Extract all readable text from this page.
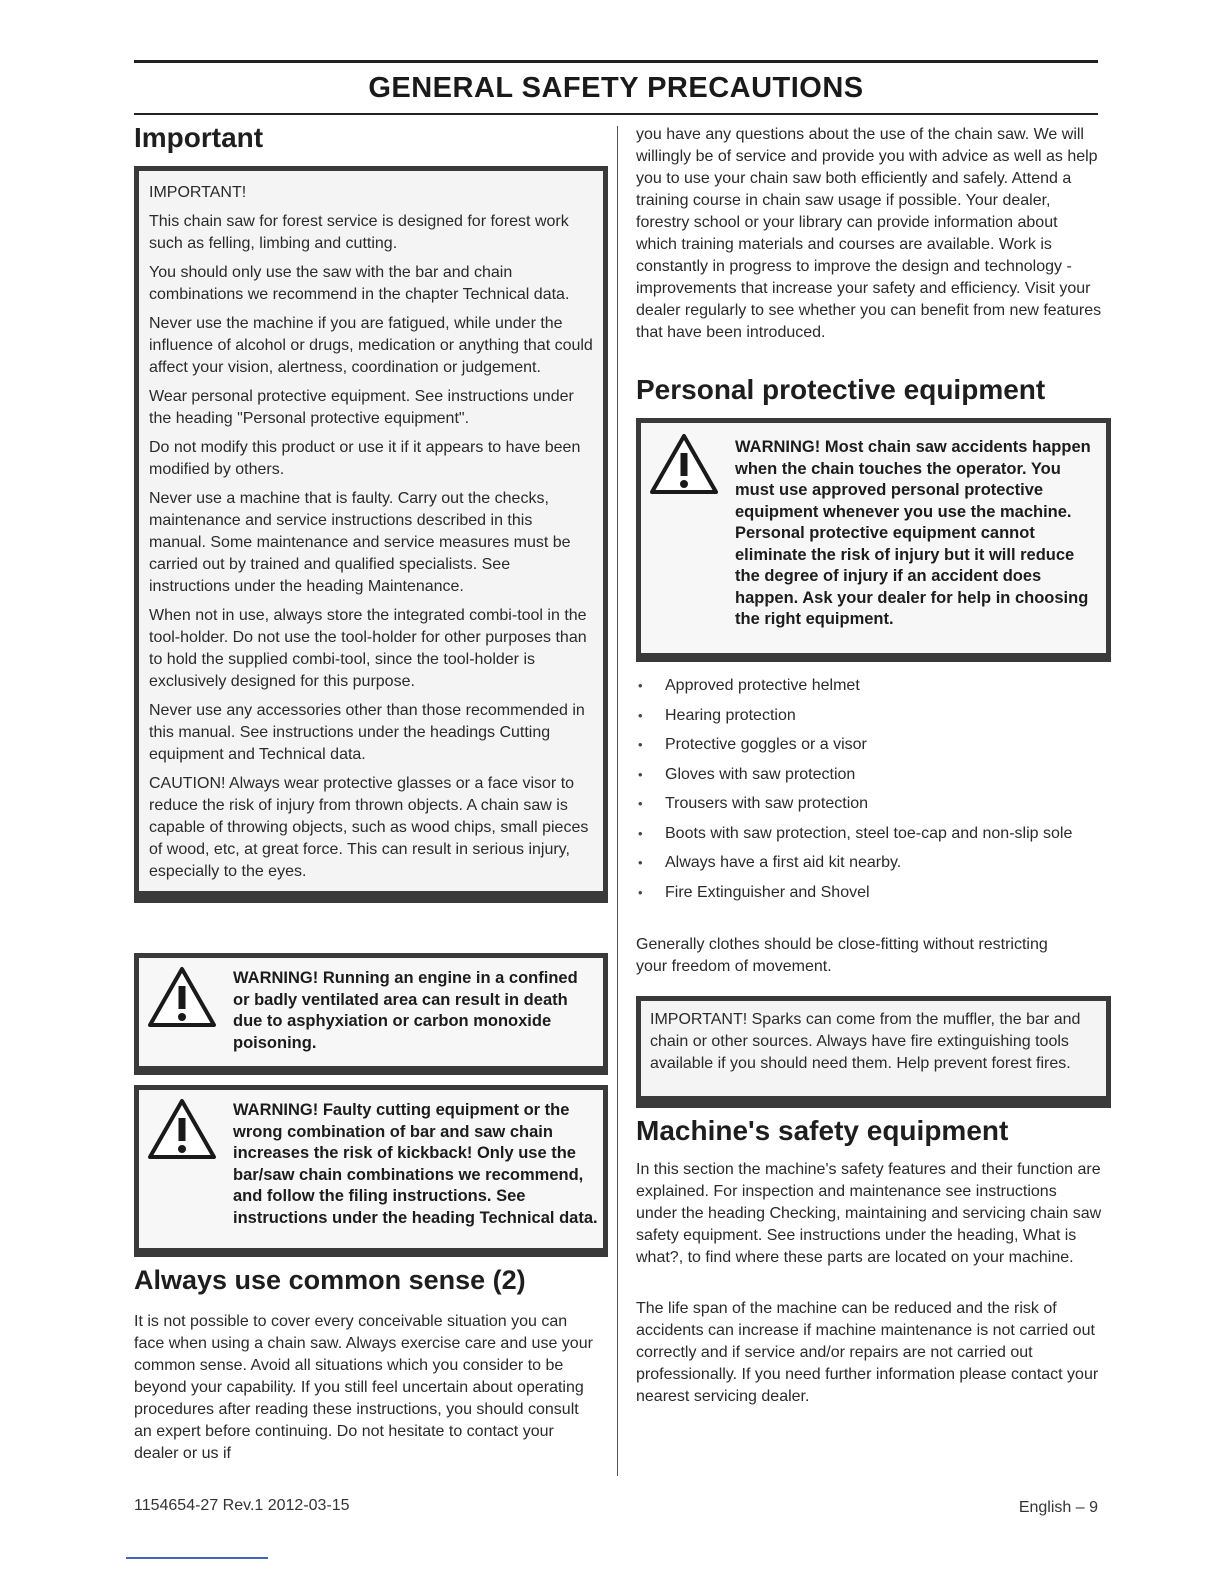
GENERAL SAFETY PRECAUTIONS
Important

IMPORTANT!

This chain saw for forest service is designed for forest work such as felling, limbing and cutting.

You should only use the saw with the bar and chain combinations we recommend in the chapter Technical data.

Never use the machine if you are fatigued, while under the influence of alcohol or drugs, medication or anything that could affect your vision, alertness, coordination or judgement.

Wear personal protective equipment. See instructions under the heading "Personal protective equipment".

Do not modify this product or use it if it appears to have been modified by others.

Never use a machine that is faulty. Carry out the checks, maintenance and service instructions described in this manual. Some maintenance and service measures must be carried out by trained and qualified specialists. See instructions under the heading Maintenance.

When not in use, always store the integrated combi-tool in the tool-holder. Do not use the tool-holder for other purposes than to hold the supplied combi-tool, since the tool-holder is exclusively designed for this purpose.

Never use any accessories other than those recommended in this manual. See instructions under the headings Cutting equipment and Technical data.

CAUTION! Always wear protective glasses or a face visor to reduce the risk of injury from thrown objects. A chain saw is capable of throwing objects, such as wood chips, small pieces of wood, etc, at great force. This can result in serious injury, especially to the eyes.

WARNING! Running an engine in a confined or badly ventilated area can result in death due to asphyxiation or carbon monoxide poisoning.
WARNING! Faulty cutting equipment or the wrong combination of bar and saw chain increases the risk of kickback! Only use the bar/saw chain combinations we recommend, and follow the filing instructions. See instructions under the heading Technical data.
Always use common sense (2)

It is not possible to cover every conceivable situation you can face when using a chain saw. Always exercise care and use your common sense. Avoid all situations which you consider to be beyond your capability. If you still feel uncertain about operating procedures after reading these instructions, you should consult an expert before continuing. Do not hesitate to contact your dealer or us if

you have any questions about the use of the chain saw. We will willingly be of service and provide you with advice as well as help you to use your chain saw both efficiently and safely. Attend a training course in chain saw usage if possible. Your dealer, forestry school or your library can provide information about which training materials and courses are available. Work is constantly in progress to improve the design and technology - improvements that increase your safety and efficiency. Visit your dealer regularly to see whether you can benefit from new features that have been introduced.

Personal protective equipment
WARNING! Most chain saw accidents happen when the chain touches the operator. You must use approved personal protective equipment whenever you use the machine. Personal protective equipment cannot eliminate the risk of injury but it will reduce the degree of injury if an accident does happen. Ask your dealer for help in choosing the right equipment.
• Approved protective helmet
• Hearing protection
• Protective goggles or a visor
• Gloves with saw protection
• Trousers with saw protection
• Boots with saw protection, steel toe-cap and non-slip sole
• Always have a first aid kit nearby.
• Fire Extinguisher and Shovel

Generally clothes should be close-fitting without restricting your freedom of movement.

IMPORTANT! Sparks can come from the muffler, the bar and chain or other sources. Always have fire extinguishing tools available if you should need them. Help prevent forest fires.

Machine's safety equipment

In this section the machine's safety features and their function are explained. For inspection and maintenance see instructions under the heading Checking, maintaining and servicing chain saw safety equipment. See instructions under the heading, What is what?, to find where these parts are located on your machine.

The life span of the machine can be reduced and the risk of accidents can increase if machine maintenance is not carried out correctly and if service and/or repairs are not carried out professionally. If you need further information please contact your nearest servicing dealer.

1154654-27 Rev.1 2012-03-15	English – 9
